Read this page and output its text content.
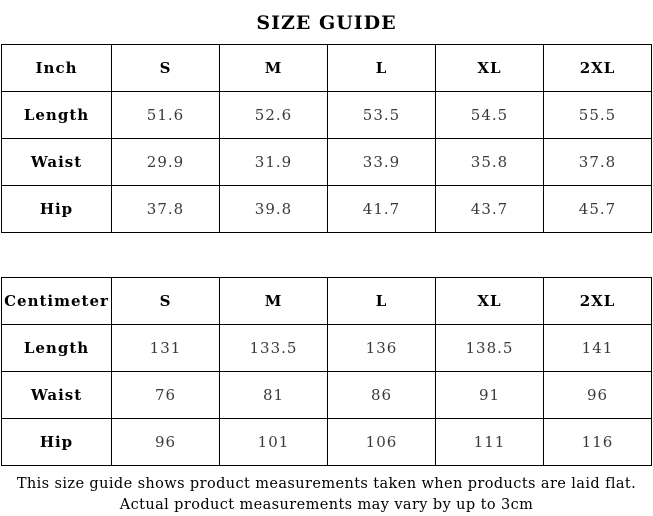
SIZE GUIDE
Inch	S	M	L	XL	2XL
Length	51.6	52.6	53.5	54.5	55.5
Waist	29.9	31.9	33.9	35.8	37.8
Hip	37.8	39.8	41.7	43.7	45.7
Centimeter	S	M	L	XL	2XL
Length	131	133.5	136	138.5	141
Waist	76	81	86	91	96
Hip	96	101	106	111	116
This size guide shows product measurements taken when products are laid flat. Actual product measurements may vary by up to 3cm
